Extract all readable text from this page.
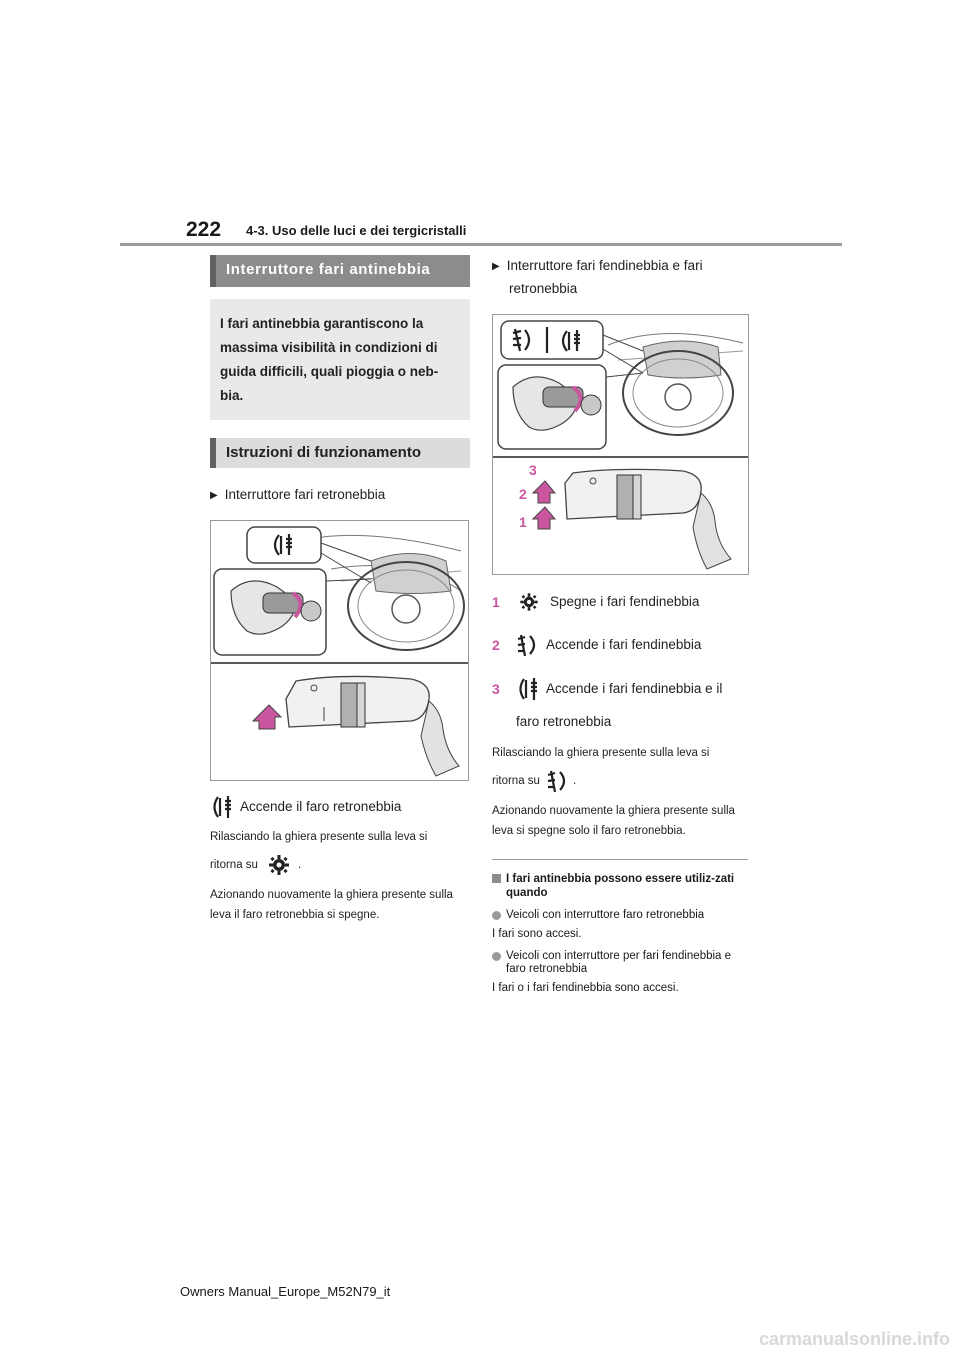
222 4-3. Uso delle luci e dei tergicristalli
Interruttore fari antinebbia
I fari antinebbia garantiscono la massima visibilità in condizioni di guida difficili, quali pioggia o neb-bia.
Istruzioni di funzionamento
▶ Interruttore fari retronebbia
Accende il faro retronebbia
Rilasciando la ghiera presente sulla leva si
ritorna su	.
Azionando nuovamente la ghiera presente sulla leva il faro retronebbia si spegne.
▶ Interruttore fari fendinebbia e fari
retronebbia
3
2
1
1	Spegne i fari fendinebbia
2	Accende i fari fendinebbia
3	Accende i fari fendinebbia e il
faro retronebbia
Rilasciando la ghiera presente sulla leva si
ritorna su	.
Azionando nuovamente la ghiera presente sulla leva si spegne solo il faro retronebbia.
I fari antinebbia possono essere utiliz-zati quando
Veicoli con interruttore faro retronebbia
I fari sono accesi.
Veicoli con interruttore per fari fendinebbia e faro retronebbia
I fari o i fari fendinebbia sono accesi.
Owners Manual_Europe_M52N79_it
carmanualsonline.info
